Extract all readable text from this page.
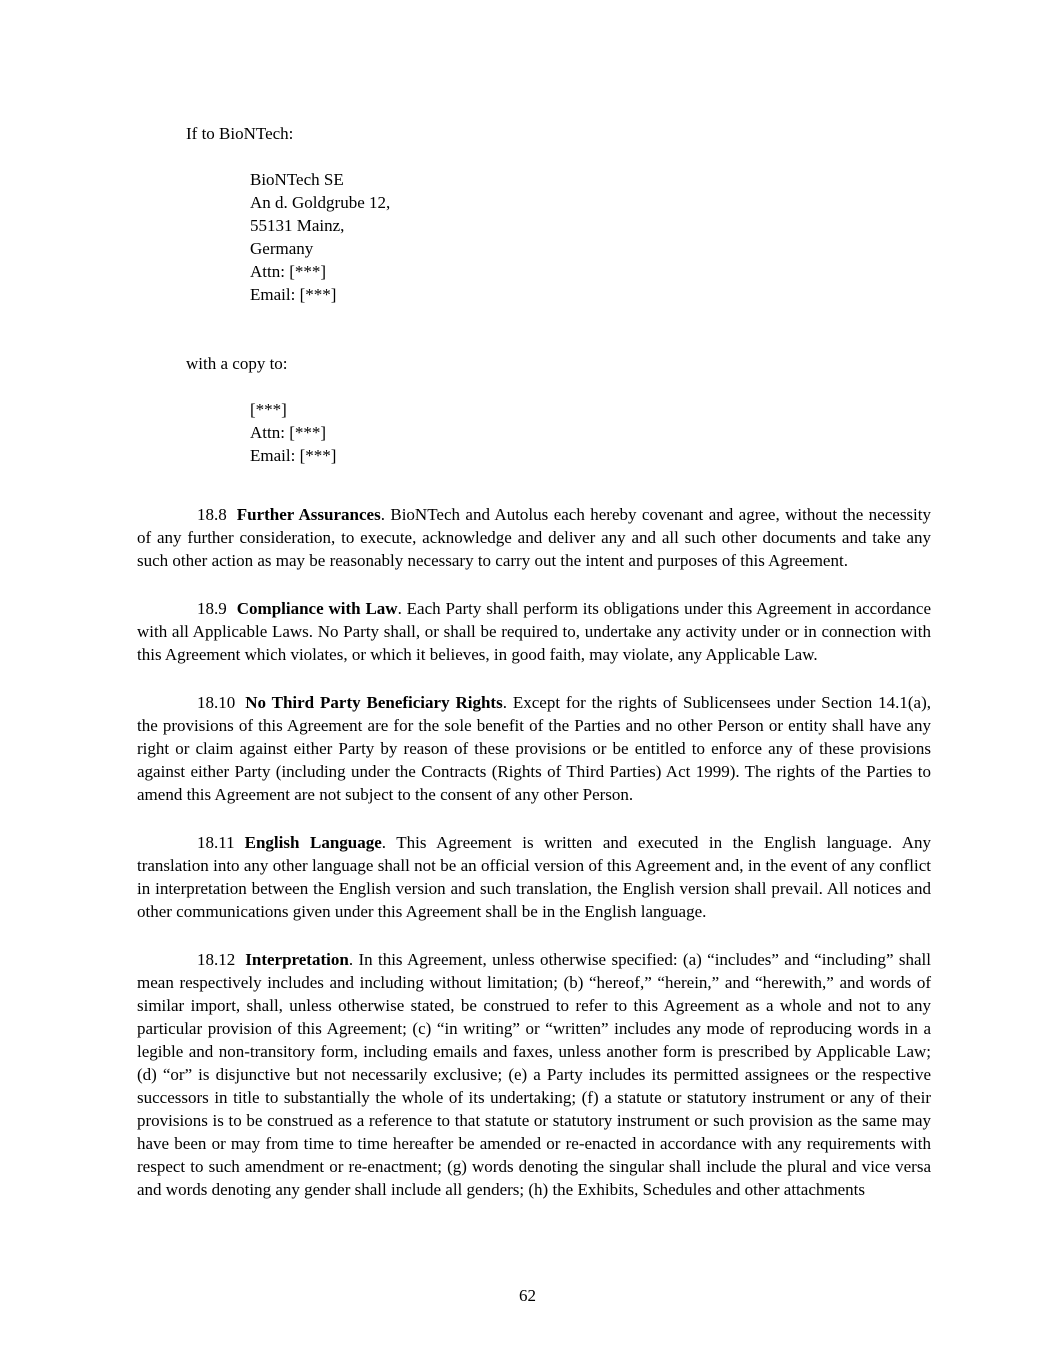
If to BioNTech:

BioNTech SE
An d. Goldgrube 12,
55131 Mainz,
Germany
Attn: [***]
Email: [***]

with a copy to:

[***]
Attn: [***]
Email: [***]

18.8 Further Assurances. BioNTech and Autolus each hereby covenant and agree, without the necessity of any further consideration, to execute, acknowledge and deliver any and all such other documents and take any such other action as may be reasonably necessary to carry out the intent and purposes of this Agreement.

18.9 Compliance with Law. Each Party shall perform its obligations under this Agreement in accordance with all Applicable Laws. No Party shall, or shall be required to, undertake any activity under or in connection with this Agreement which violates, or which it believes, in good faith, may violate, any Applicable Law.

18.10 No Third Party Beneficiary Rights. Except for the rights of Sublicensees under Section 14.1(a), the provisions of this Agreement are for the sole benefit of the Parties and no other Person or entity shall have any right or claim against either Party by reason of these provisions or be entitled to enforce any of these provisions against either Party (including under the Contracts (Rights of Third Parties) Act 1999). The rights of the Parties to amend this Agreement are not subject to the consent of any other Person.

18.11 English Language. This Agreement is written and executed in the English language. Any translation into any other language shall not be an official version of this Agreement and, in the event of any conflict in interpretation between the English version and such translation, the English version shall prevail. All notices and other communications given under this Agreement shall be in the English language.

18.12 Interpretation. In this Agreement, unless otherwise specified: (a) “includes” and “including” shall mean respectively includes and including without limitation; (b) “hereof,” “herein,” and “herewith,” and words of similar import, shall, unless otherwise stated, be construed to refer to this Agreement as a whole and not to any particular provision of this Agreement; (c) “in writing” or “written” includes any mode of reproducing words in a legible and non-transitory form, including emails and faxes, unless another form is prescribed by Applicable Law; (d) “or” is disjunctive but not necessarily exclusive; (e) a Party includes its permitted assignees or the respective successors in title to substantially the whole of its undertaking; (f) a statute or statutory instrument or any of their provisions is to be construed as a reference to that statute or statutory instrument or such provision as the same may have been or may from time to time hereafter be amended or re-enacted in accordance with any requirements with respect to such amendment or re-enactment; (g) words denoting the singular shall include the plural and vice versa and words denoting any gender shall include all genders; (h) the Exhibits, Schedules and other attachments

62
